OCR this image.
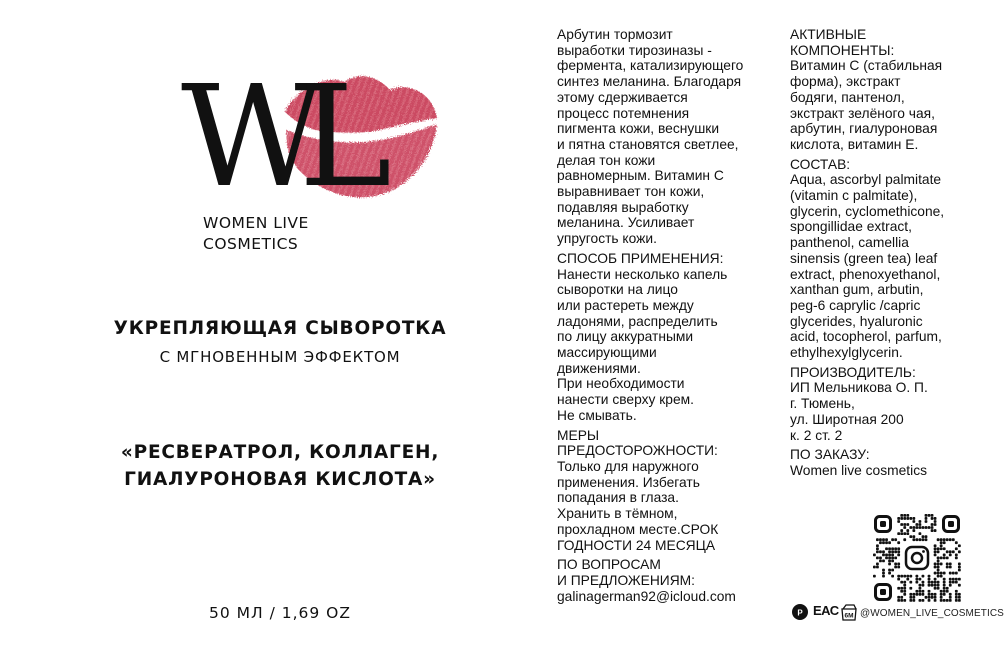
WL
WOMEN LIVE
COSMETICS
УКРЕПЛЯЮЩАЯ СЫВОРОТКА
С МГНОВЕННЫМ ЭФФЕКТОМ
«РЕСВЕРАТРОЛ, КОЛЛАГЕН,
ГИАЛУРОНОВАЯ КИСЛОТА»
50 МЛ / 1,69 OZ
Арбутин тормозит
выработки тирозиназы -
фермента, катализирующего
синтез меланина. Благодаря
этому сдерживается
процесс потемнения
пигмента кожи, веснушки
и пятна становятся светлее,
делая тон кожи
равномерным. Витамин С
выравнивает тон кожи,
подавляя выработку
меланина. Усиливает
упругость кожи.
СПОСОБ ПРИМЕНЕНИЯ:
Нанести несколько капель
сыворотки на лицо
или растереть между
ладонями, распределить
по лицу аккуратными
массирующими
движениями.
При необходимости
нанести сверху крем.
Не смывать.
МЕРЫ
ПРЕДОСТОРОЖНОСТИ:
Только для наружного
применения. Избегать
попадания в глаза.
Хранить в тёмном,
прохладном месте.СРОК
ГОДНОСТИ 24 МЕСЯЦА
ПО ВОПРОСАМ
И ПРЕДЛОЖЕНИЯМ:
galinagerman92@icloud.com
АКТИВНЫЕ
КОМПОНЕНТЫ:
Витамин С (стабильная
форма), экстракт
бодяги, пантенол,
экстракт зелёного чая,
арбутин, гиалуроновая
кислота, витамин Е.
СОСТАВ:
Aqua, ascorbyl palmitate
(vitamin c palmitate),
glycerin, cyclomethicone,
spongillidae extract,
panthenol, camellia
sinensis (green tea) leaf
extract, phenoxyethanol,
xanthan gum, arbutin,
peg-6 caprylic /capric
glycerides, hyaluronic
acid, tocopherol, parfum,
ethylhexylglycerin.
ПРОИЗВОДИТЕЛЬ:
ИП Мельникова О. П.
г. Тюмень,
ул. Широтная 200
к. 2 ст. 2
ПО ЗАКАЗУ:
Women live cosmetics
Р ЕАС 6M @WOMEN_LIVE_COSMETICS
